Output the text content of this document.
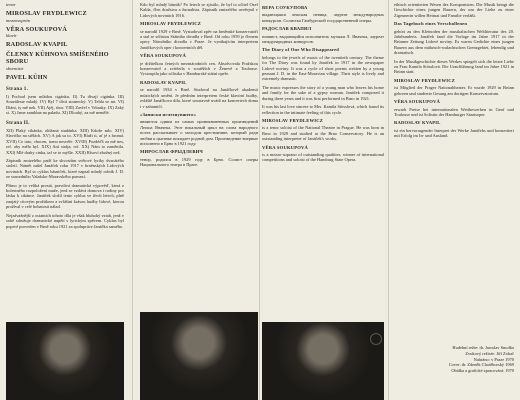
tenor
MIROSLAV FRYDLEWICZ
mezzosoprán
VĚRA SOUKUPOVÁ
klavír
RADOSLAV KVAPIL
ČLENKY KÜHNOVA SMÍŠENÉHO SBORU
sbormistr
PAVEL KÜHN
Strana 1.

I) Pochod jsem mládou cigánku. II) Tu dívají cigánka. III) Souzáleste mladý. IV) Byl 7 dívá stranecký. V) Tehla se mi. VI) Diáni, ty mě nek. VII) Ajéj, sbor. VIII) Zavřel v Vrbasky. IX) Zaký si. X) Jsme zamlůna na paladu. XI) Dlouhý, za mě nemělé.

Strana II.

XII) Plaký cikánka, ohlázná studánka. XIII) Kdože mlo. XIV) Slavičko na stělách. XV) A jak sa to. XVI) Blaži ti, ať jé z hromá. XVII) Co tuto, chocen, tomu nesvéře. XVIII) Pozdéďš za mě nes, ref. aby měla hyl. XIX) Aní strája, ref. XX) Nám to zaměnila. XXI) Mlé drahy cinka, taf se to mýšle. XXII) Rfsoví zbožný než.

Zápisník zmizelého patří ke skvostům světové lyriky dvacátého století. Námět našel Janáček roku 1917 v brněnských Lidových novinách. Byl to cyklus básniček, které napsal mladý rolník J. D. ze sousedního Valašsko-Moravského pomezí.

Přímo je to veliká prostá, pravdivá dramatická výpověď, která z bolestného rozpoložení muže, jenž se vzdává domova i rodiny pro lásku k cikánce. Janáček složil tento cyklus ve třech letech, plně zaujatý citovým prožitkem a zvláštní krásou hudby lidové, kterou prožíval v celé bohatosti nálad.

Nejzávažnější z ostatních tohoto díla je však hluboký vztah, jenž v sobě sdružuje dramatické napětí s lyrickým zpěvem. Cyklus byl poprvé proveden v Brně roku 1921 za spolupráce Janáčka samého.

Kdo byl mladý básník? Po letech se zjistilo, že byl to učitel Ozef Kalda, člen družstva a žurnalista. Zápisník zmizelého uveřejnil v Lidových novinách 1916.

MIROSLAV FRYDLEWICZ

se narodil 1929 v Brně. Vystudoval zpěv na brněnské konzervatoři a stal se sólistou Státního divadla v Brně. Od roku 1959 je členem opery Národního divadla v Praze. Je vynikajícím interpretem Janáčkových oper i koncertních děl.

VĚRA SOUKUPOVÁ

je držitelkou četných mezinárodních cen. Absolvovala Pražskou konzervatoř a zvítězila v soutěžích v Ženevě a Toulouse. Vystoupila jako sólistka v Hamburské státní opeře.

RADOSLAV KVAPIL

se narodil 1934 v Brně. Studoval na Janáčkově akademii múzických umění. Je předním interpretem české klavírní hudby, zvláště Janáčkova díla, které soustavně uvádí na koncertech doma i v zahraničí.

«Записки исчезнувшего»

являются одним из самых проникновенных произведений Леоша Яначека. Этот вокальный цикл на слова народного поэта рассказывает о молодом крестьянине, который ради любви к цыганке покидает родной дом. Произведение впервые исполнено в Брно в 1921 году.

МИРОСЛАВ ФРЫДЛЕВИЧ

тенор, родился в 1929 году в Брно. Солист оперы Национального театра в Праге.

ВЕРА СОУКУПОВА

выдающаяся чешская певица, лауреат международных конкурсов. Солистка Гамбургской государственной оперы.

РАДОСЛАВ КВАПИЛ

пианист, выдающийся исполнитель музыки Л. Яначека, лауреат международных конкурсов.

The Diary of One Who Disappeared

belongs to the jewels of music of the twentieth century. The theme for The Diary was found by Janáček in 1917 in the newspaper Lidové noviny. It was a cycle of short poems written by a young peasant J. D. in the East-Moravian village. Their style is lively and extremely dramatic.

The music expresses the story of a young man who leaves his home and family for the sake of a gypsy woman. Janáček composed it during three years and it was first performed in Brno in 1921.

It was his last love sincere to Mrs. Kamila Stösslová, which found its reflection in the intimate feeling of this cycle.

MIROSLAV FRYDLEWICZ

is a tenor soloist of the National Theatre in Prague. He was born in Brno in 1929 and studied at the Brno Conservatory. He is an outstanding interpreter of Janáček's works.

VĚRA SOUKUPOVÁ

is a mezzo-soprano of outstanding qualities, winner of international competitions and soloist of the Hamburg State Opera.

ethisch orientierten Wesen des Komponisten. Die Musik bringt die Geschichte eines jungen Bauern, der um der Liebe zu einer Zigeunerin willen Heimat und Familie verläßt.

Das Tagebuch eines Verschollenen

gehört zu den Kleinoden der musikalischen Weltliteratur des 20. Jahrhunderts. Janáček fand die Vorlage im Jahre 1917 in der Brünner Zeitung Lidové noviny. Es waren Gedichte eines jungen Bauern aus dem mährisch-walachischen Grenzgebiet, lebendig und dramatisch.

In der Musikgeschichte dieses Werkes spiegelt sich die letzte Liebe zu Frau Kamila Stösslová. Die Uraufführung fand im Jahre 1921 in Brünn statt.

MIROSLAV FRYDLEWICZ

ist Mitglied der Prager Nationaltheater. Er wurde 1929 in Brünn geboren und studierte Gesang am dortigen Konservatorium.

VĚRA SOUKUPOVÁ

erwarb Preise bei internationalen Wettbewerben in Genf und Toulouse und ist Solistin der Hamburger Staatsoper.

RADOSLAV KVAPIL

ist ein hervorragender Interpret der Werke Janáčeks und konzertiert mit Erfolg im In- und Ausland.

Hudební režie: dr. Jaroslav Smolka
Zvukový režisér: Jiří Zobač
Nahráno: v Praze 1970
Cover: dr. Zdeněk Chotěborský 1969
Obálka a grafické zpracování: 1970
